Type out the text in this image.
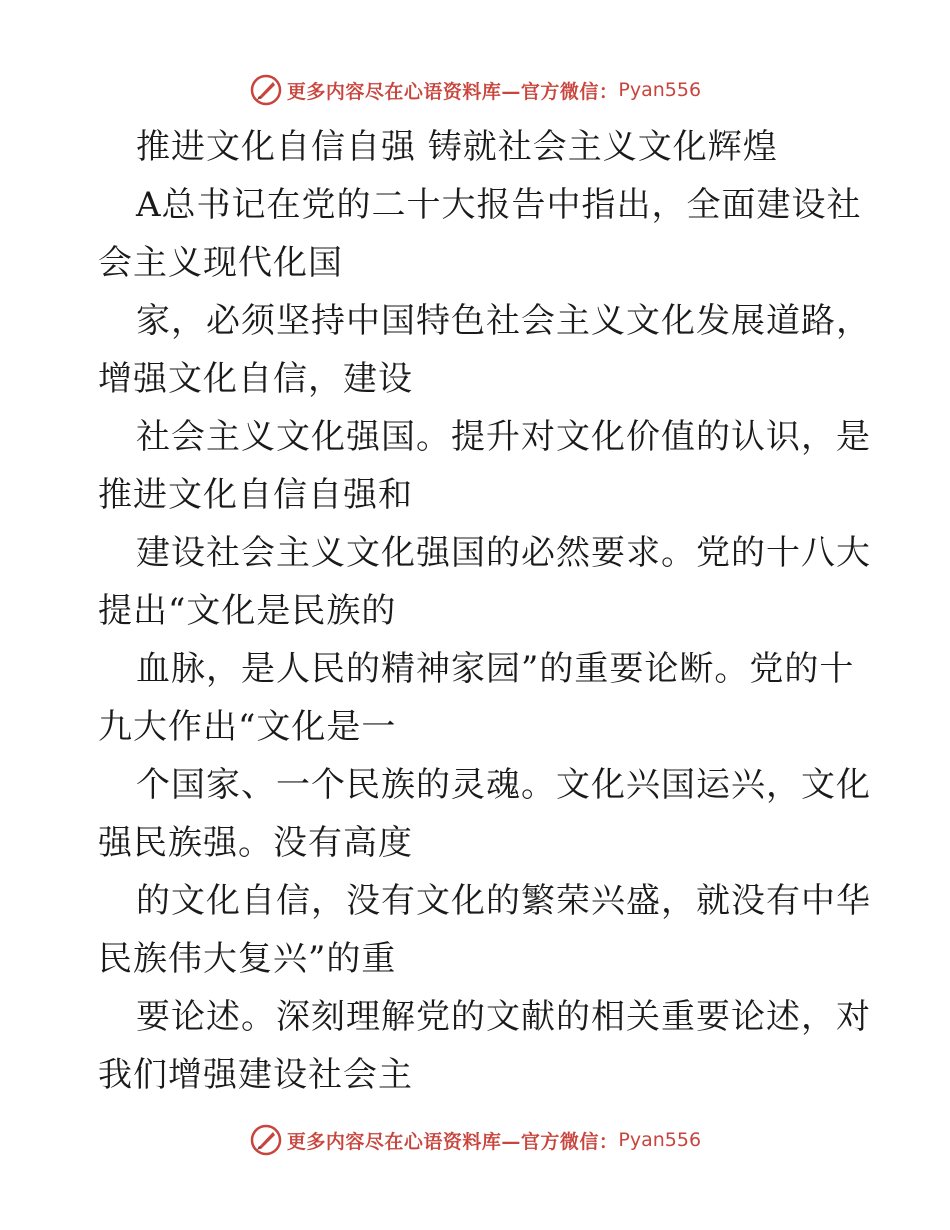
更多内容尽在心语资料库—官方微信： Pyan556
推进文化自信自强 铸就社会主义文化辉煌
A总书记在党的二十大报告中指出，全面建设社
会主义现代化国
家，必须坚持中国特色社会主义文化发展道路，
增强文化自信，建设
社会主义文化强国。提升对文化价值的认识，是
推进文化自信自强和
建设社会主义文化强国的必然要求。党的十八大
提出“文化是民族的
血脉，是人民的精神家园”的重要论断。党的十
九大作出“文化是一
个国家、一个民族的灵魂。文化兴国运兴，文化
强民族强。没有高度
的文化自信，没有文化的繁荣兴盛，就没有中华
民族伟大复兴”的重
要论述。深刻理解党的文献的相关重要论述，对
我们增强建设社会主
更多内容尽在心语资料库—官方微信： Pyan556
